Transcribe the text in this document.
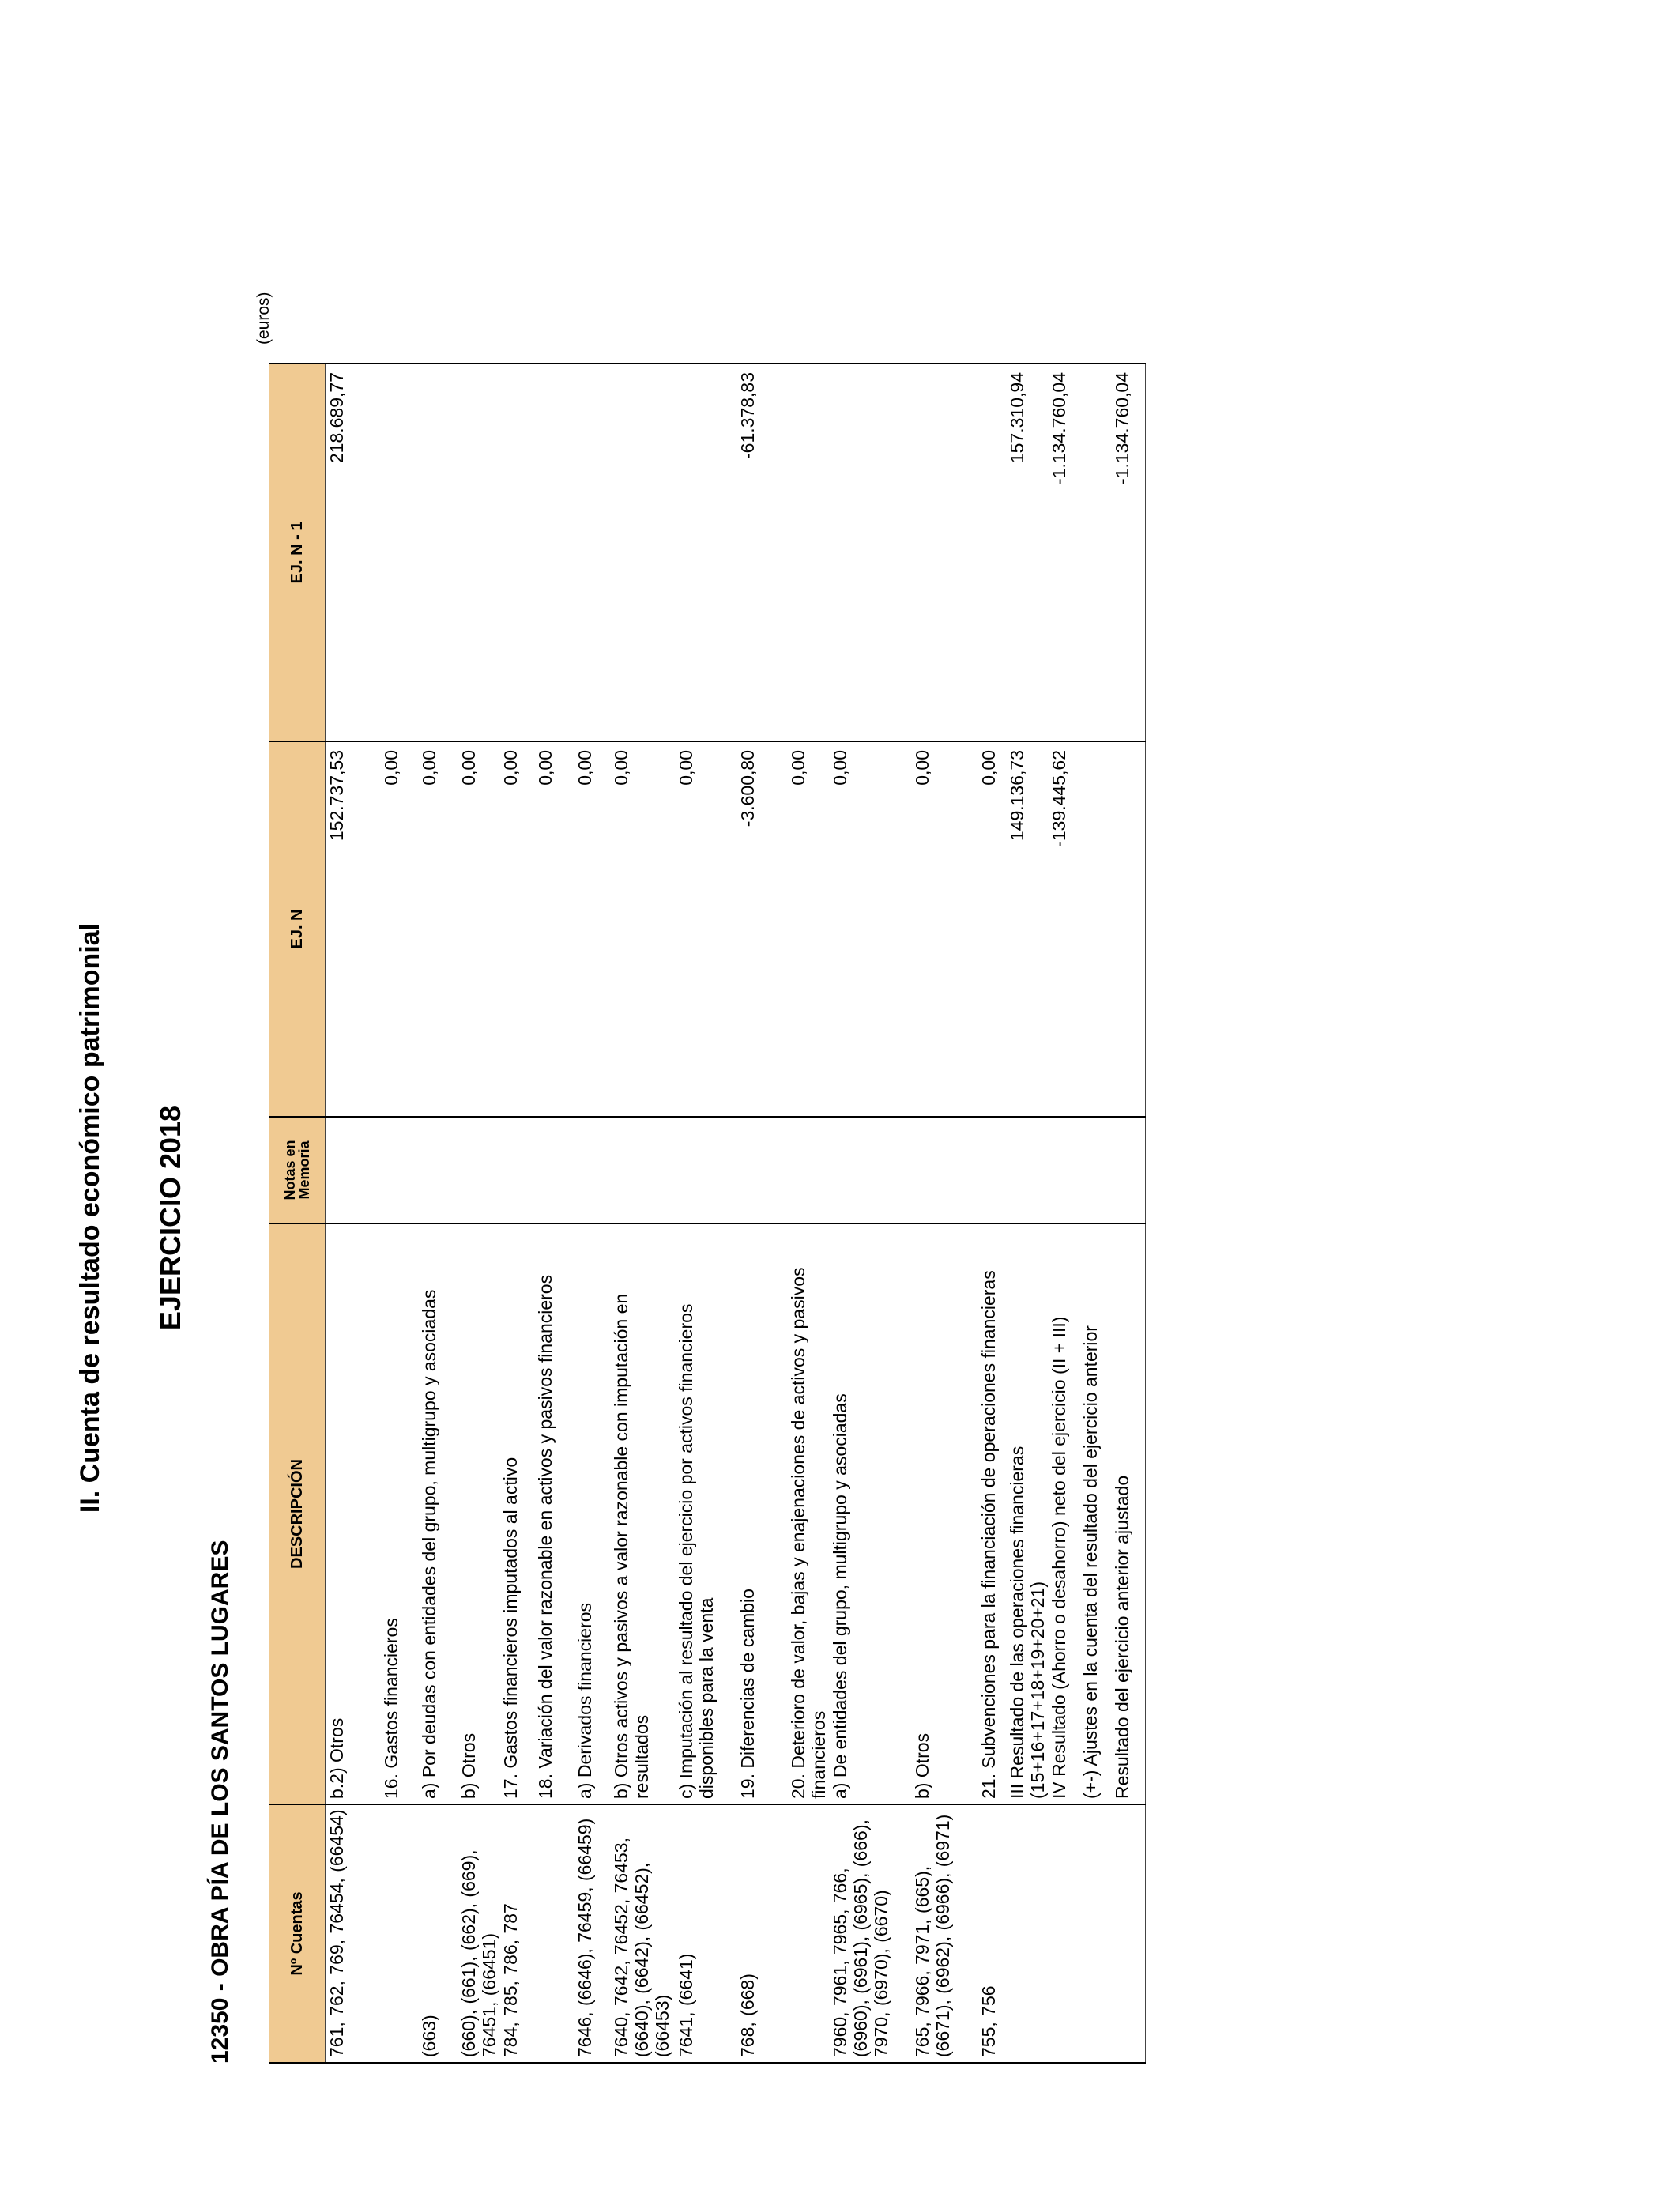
II. Cuenta de resultado económico patrimonial EJERCICIO 2018
12350 - OBRA PÍA DE LOS SANTOS LUGARES
(euros)
Nº Cuentas	DESCRIPCIÓN	Notas en Memoria	EJ. N	EJ. N - 1
761, 762, 769, 76454, (66454)	b.2) Otros		152.737,53	218.689,77
	16. Gastos financieros		0,00	
(663)	a) Por deudas con entidades del grupo, multigrupo y asociadas		0,00	
(660), (661), (662), (669), 76451, (66451)	b) Otros		0,00	
784, 785, 786, 787	17. Gastos financieros imputados al activo		0,00	
	18. Variación del valor razonable en activos y pasivos financieros		0,00	
7646, (6646), 76459, (66459)	a) Derivados financieros		0,00	
7640, 7642, 76452, 76453, (6640), (6642), (66452), (66453)	b) Otros activos y pasivos a valor razonable con imputación en resultados		0,00	
7641, (6641)	c) Imputación al resultado del ejercicio por activos financieros disponibles para la venta		0,00	
768, (668)	19. Diferencias de cambio		-3.600,80	-61.378,83
	20. Deterioro de valor, bajas y enajenaciones de activos y pasivos financieros		0,00	
7960, 7961, 7965, 766, (6960), (6961), (6965), (666), 7970, (6970), (6670)	a) De entidades del grupo, multigrupo y asociadas		0,00	
765, 7966, 7971, (665), (6671), (6962), (6966), (6971)	b) Otros		0,00	
755, 756	21. Subvenciones para la financiación de operaciones financieras		0,00	
	III Resultado de las operaciones financieras (15+16+17+18+19+20+21)		149.136,73	157.310,94
	IV Resultado (Ahorro o desahorro) neto del ejercicio (II + III)		-139.445,62	-1.134.760,04
	(+-) Ajustes en la cuenta del resultado del ejercicio anterior			
	Resultado del ejercicio anterior ajustado			-1.134.760,04
